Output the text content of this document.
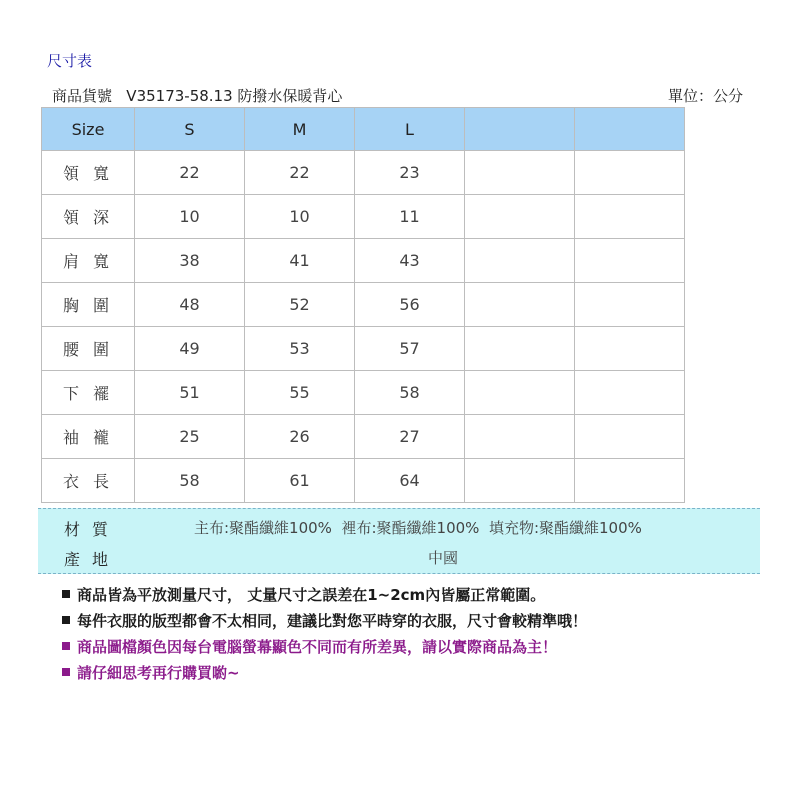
尺寸表
商品貨號   V35173-58.13 防撥水保暖背心	單位：公分
Size	S	M	L		
領寬	22	22	23		
領深	10	10	11		
肩寬	38	41	43		
胸圍	48	52	56		
腰圍	49	53	57		
下襬	51	55	58		
袖襱	25	26	27		
衣長	58	61	64		
材質	主布:聚酯纖維100%  裡布:聚酯纖維100%  填充物:聚酯纖維100%
產地	中國
商品皆為平放測量尺寸， 丈量尺寸之誤差在1~2cm內皆屬正常範圍。
每件衣服的版型都會不太相同，建議比對您平時穿的衣服，尺寸會較精準哦！
商品圖檔顏色因每台電腦螢幕顯色不同而有所差異，請以實際商品為主！
請仔細思考再行購買喲~
